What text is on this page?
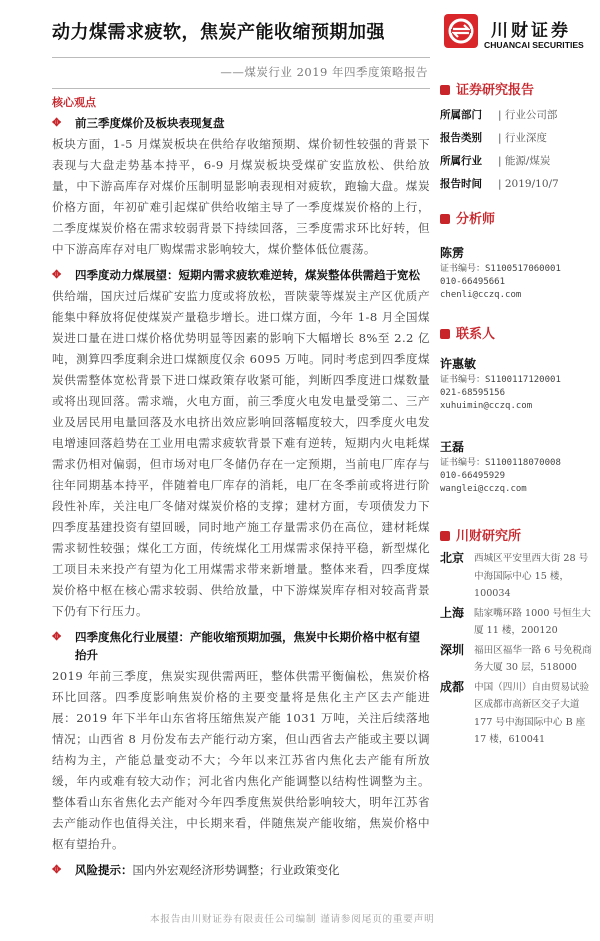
动力煤需求疲软，焦炭产能收缩预期加强
——煤炭行业 2019 年四季度策略报告
川财证券
CHUANCAI SECURITIES
核心观点
✥ 前三季度煤价及板块表现复盘
板块方面，1-5 月煤炭板块在供给存收缩预期、煤价韧性较强的背景下表现与大盘走势基本持平，6-9 月煤炭板块受煤矿安监放松、供给放量，中下游高库存对煤价压制明显影响表现相对疲软，跑输大盘。煤炭价格方面，年初矿难引起煤矿供给收缩主导了一季度煤炭价格的上行，二季度煤炭价格在需求较弱背景下持续回落，三季度需求环比好转，但中下游高库存对电厂购煤需求影响较大，煤价整体低位震荡。
✥ 四季度动力煤展望：短期内需求疲软难逆转，煤炭整体供需趋于宽松
供给端，国庆过后煤矿安监力度或将放松，晋陕蒙等煤炭主产区优质产能集中释放将促使煤炭产量稳步增长。进口煤方面，今年 1-8 月全国煤炭进口量在进口煤价格优势明显等因素的影响下大幅增长 8%至 2.2 亿吨，测算四季度剩余进口煤额度仅余 6095 万吨。同时考虑到四季度煤炭供需整体宽松背景下进口煤政策存收紧可能，判断四季度进口煤数量或将出现回落。需求端，火电方面，前三季度火电发电量受第二、三产业及居民用电量回落及水电挤出效应影响回落幅度较大，四季度火电发电增速回落趋势在工业用电需求疲软背景下难有逆转，短期内火电耗煤需求仍相对偏弱，但市场对电厂冬储仍存在一定预期，当前电厂库存与往年同期基本持平，伴随着电厂库存的消耗，电厂在冬季前或将进行阶段性补库，关注电厂冬储对煤炭价格的支撑；建材方面，专项债发力下四季度基建投资有望回暖，同时地产施工存量需求仍在高位，建材耗煤需求韧性较强；煤化工方面，传统煤化工用煤需求保持平稳，新型煤化工项目未来投产有望为化工用煤需求带来新增量。整体来看，四季度煤炭价格中枢在核心需求较弱、供给放量，中下游煤炭库存相对较高背景下仍有下行压力。
✥ 四季度焦化行业展望：产能收缩预期加强，焦炭中长期价格中枢有望抬升
2019 年前三季度，焦炭实现供需两旺，整体供需平衡偏松，焦炭价格环比回落。四季度影响焦炭价格的主要变量将是焦化主产区去产能进展：2019 年下半年山东省将压缩焦炭产能 1031 万吨，关注后续落地情况；山西省 8 月份发布去产能行动方案，但山西省去产能或主要以调结构为主，产能总量变动不大；今年以来江苏省内焦化去产能有所放缓，年内或难有较大动作；河北省内焦化产能调整以结构性调整为主。整体看山东省焦化去产能对今年四季度焦炭供给影响较大，明年江苏省去产能动作也值得关注，中长期来看，伴随焦炭产能收缩，焦炭价格中枢有望抬升。
✥ 风险提示：国内外宏观经济形势调整；行业政策变化
本报告由川财证券有限责任公司编制 谨请参阅尾页的重要声明
证券研究报告
所属部门 | 行业公司部
报告类别 | 行业深度
所属行业 | 能源/煤炭
报告时间 | 2019/10/7
分析师
陈雳
证书编号：S1100517060001
010-66495661
chenli@cczq.com
联系人
许惠敏
证书编号：S1100117120001
021-68595156
xuhuimin@cczq.com
王磊
证书编号：S1100118070008
010-66495929
wanglei@cczq.com
川财研究所
北京	西城区平安里西大街 28 号中海国际中心 15 楼，100034
上海	陆家嘴环路 1000 号恒生大厦 11 楼，200120
深圳	福田区福华一路 6 号免税商务大厦 30 层，518000
成都	中国（四川）自由贸易试验区成都市高新区交子大道 177 号中海国际中心 B 座 17 楼，610041
